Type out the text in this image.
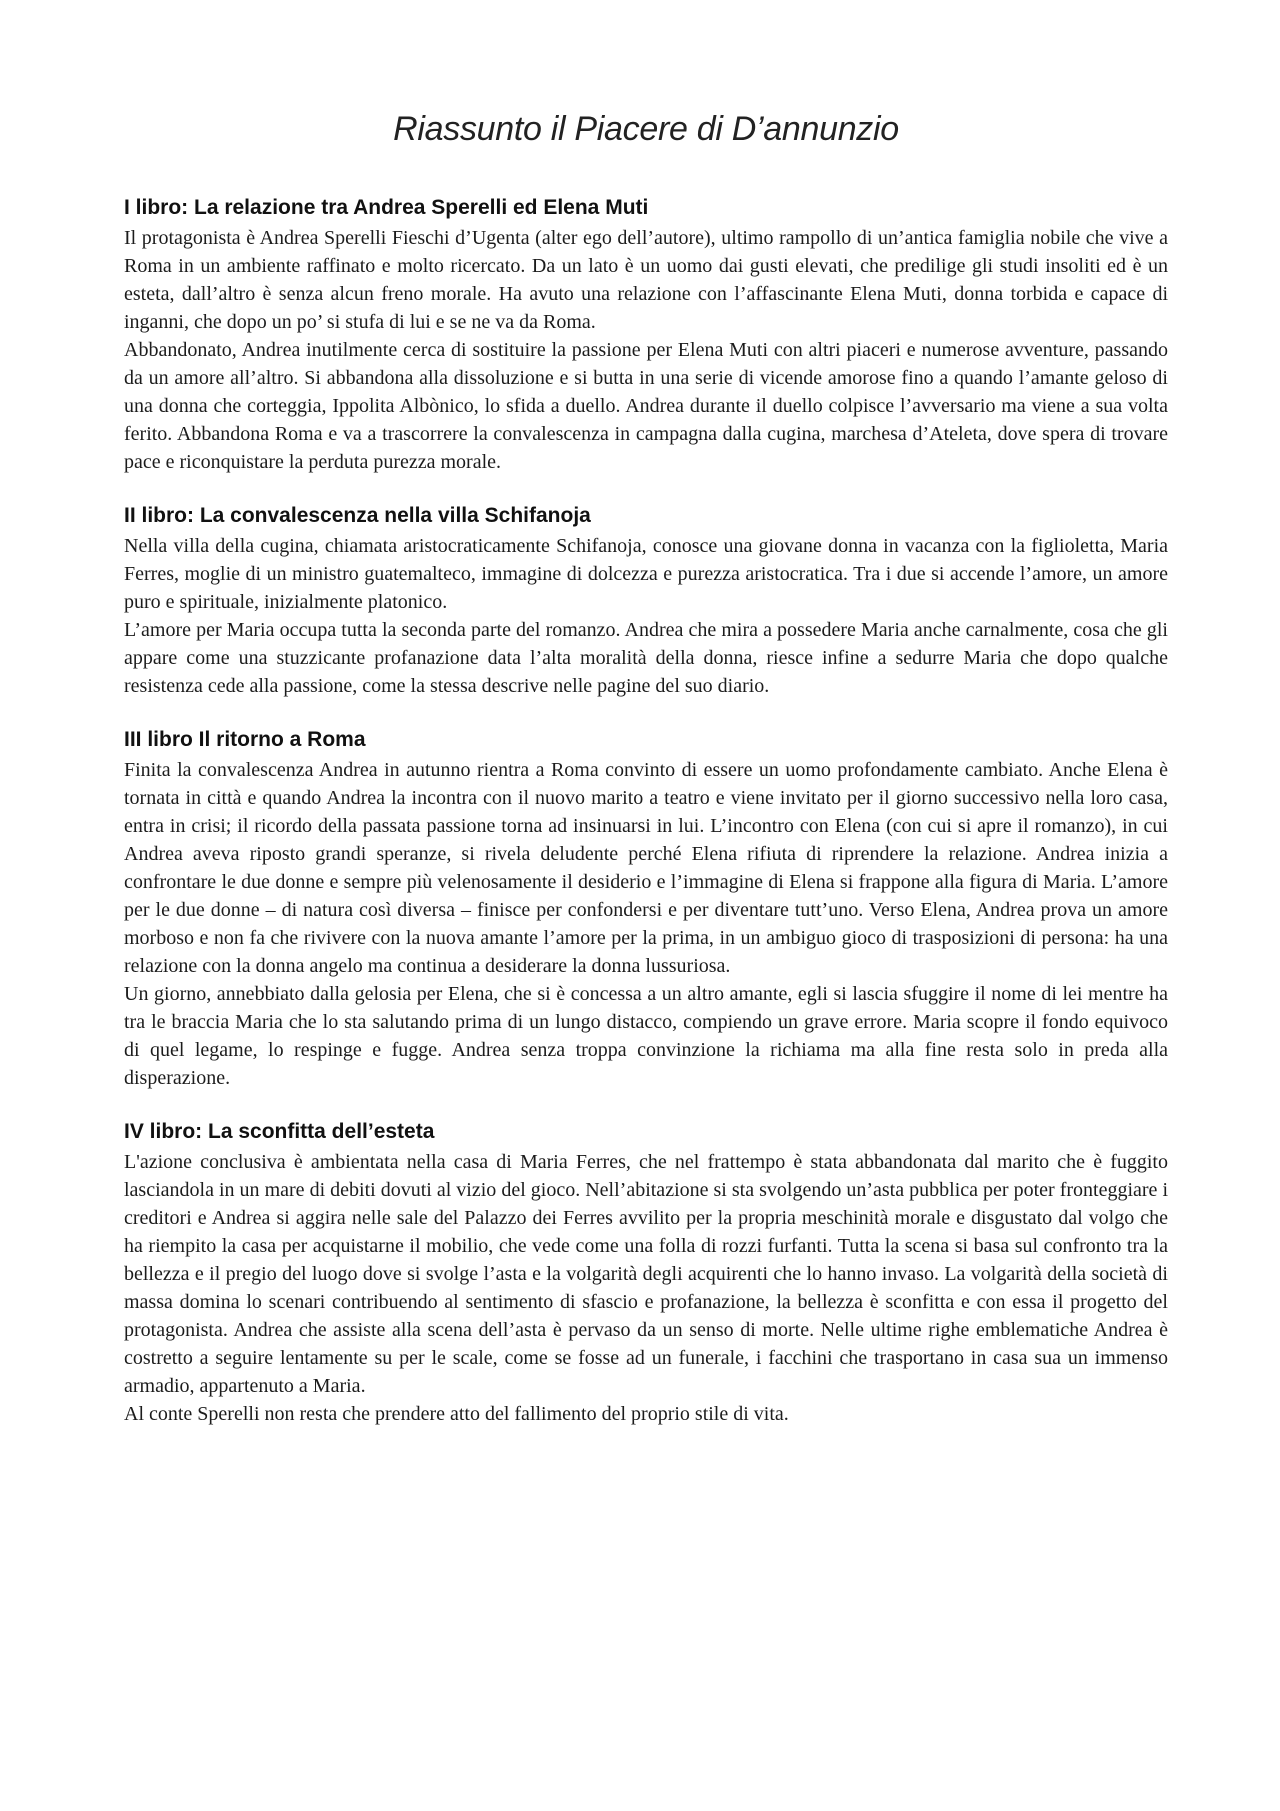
Riassunto il Piacere di D’annunzio
I libro: La relazione tra Andrea Sperelli ed Elena Muti

Il protagonista è Andrea Sperelli Fieschi d’Ugenta (alter ego dell’autore), ultimo rampollo di un’antica famiglia nobile che vive a Roma in un ambiente raffinato e molto ricercato. Da un lato è un uomo dai gusti elevati, che predilige gli studi insoliti ed è un esteta, dall’altro è senza alcun freno morale. Ha avuto una relazione con l’affascinante Elena Muti, donna torbida e capace di inganni, che dopo un po’ si stufa di lui e se ne va da Roma.

Abbandonato, Andrea inutilmente cerca di sostituire la passione per Elena Muti con altri piaceri e numerose avventure, passando da un amore all’altro. Si abbandona alla dissoluzione e si butta in una serie di vicende amorose fino a quando l’amante geloso di una donna che corteggia, Ippolita Albònico, lo sfida a duello. Andrea durante il duello colpisce l’avversario ma viene a sua volta ferito. Abbandona Roma e va a trascorrere la convalescenza in campagna dalla cugina, marchesa d’Ateleta, dove spera di trovare pace e riconquistare la perduta purezza morale.

II libro: La convalescenza nella villa Schifanoja

Nella villa della cugina, chiamata aristocraticamente Schifanoja, conosce una giovane donna in vacanza con la figlioletta, Maria Ferres, moglie di un ministro guatemalteco, immagine di dolcezza e purezza aristocratica. Tra i due si accende l’amore, un amore puro e spirituale, inizialmente platonico.

L’amore per Maria occupa tutta la seconda parte del romanzo. Andrea che mira a possedere Maria anche carnalmente, cosa che gli appare come una stuzzicante profanazione data l’alta moralità della donna, riesce infine a sedurre Maria che dopo qualche resistenza cede alla passione, come la stessa descrive nelle pagine del suo diario.

III libro Il ritorno a Roma

Finita la convalescenza Andrea in autunno rientra a Roma convinto di essere un uomo profondamente cambiato. Anche Elena è tornata in città e quando Andrea la incontra con il nuovo marito a teatro e viene invitato per il giorno successivo nella loro casa, entra in crisi; il ricordo della passata passione torna ad insinuarsi in lui. L’incontro con Elena (con cui si apre il romanzo), in cui Andrea aveva riposto grandi speranze, si rivela deludente perché Elena rifiuta di riprendere la relazione. Andrea inizia a confrontare le due donne e sempre più velenosamente il desiderio e l’immagine di Elena si frappone alla figura di Maria. L’amore per le due donne – di natura così diversa – finisce per confondersi e per diventare tutt’uno. Verso Elena, Andrea prova un amore morboso e non fa che rivivere con la nuova amante l’amore per la prima, in un ambiguo gioco di trasposizioni di persona: ha una relazione con la donna angelo ma continua a desiderare la donna lussuriosa.

Un giorno, annebbiato dalla gelosia per Elena, che si è concessa a un altro amante, egli si lascia sfuggire il nome di lei mentre ha tra le braccia Maria che lo sta salutando prima di un lungo distacco, compiendo un grave errore. Maria scopre il fondo equivoco di quel legame, lo respinge e fugge. Andrea senza troppa convinzione la richiama ma alla fine resta solo in preda alla disperazione.

IV libro: La sconfitta dell’esteta

L'azione conclusiva è ambientata nella casa di Maria Ferres, che nel frattempo è stata abbandonata dal marito che è fuggito lasciandola in un mare di debiti dovuti al vizio del gioco. Nell’abitazione si sta svolgendo un’asta pubblica per poter fronteggiare i creditori e Andrea si aggira nelle sale del Palazzo dei Ferres avvilito per la propria meschinità morale e disgustato dal volgo che ha riempito la casa per acquistarne il mobilio, che vede come una folla di rozzi furfanti. Tutta la scena si basa sul confronto tra la bellezza e il pregio del luogo dove si svolge l’asta e la volgarità degli acquirenti che lo hanno invaso. La volgarità della società di massa domina lo scenari contribuendo al sentimento di sfascio e profanazione, la bellezza è sconfitta e con essa il progetto del protagonista. Andrea che assiste alla scena dell’asta è pervaso da un senso di morte. Nelle ultime righe emblematiche Andrea è costretto a seguire lentamente su per le scale, come se fosse ad un funerale, i facchini che trasportano in casa sua un immenso armadio, appartenuto a Maria.

Al conte Sperelli non resta che prendere atto del fallimento del proprio stile di vita.
